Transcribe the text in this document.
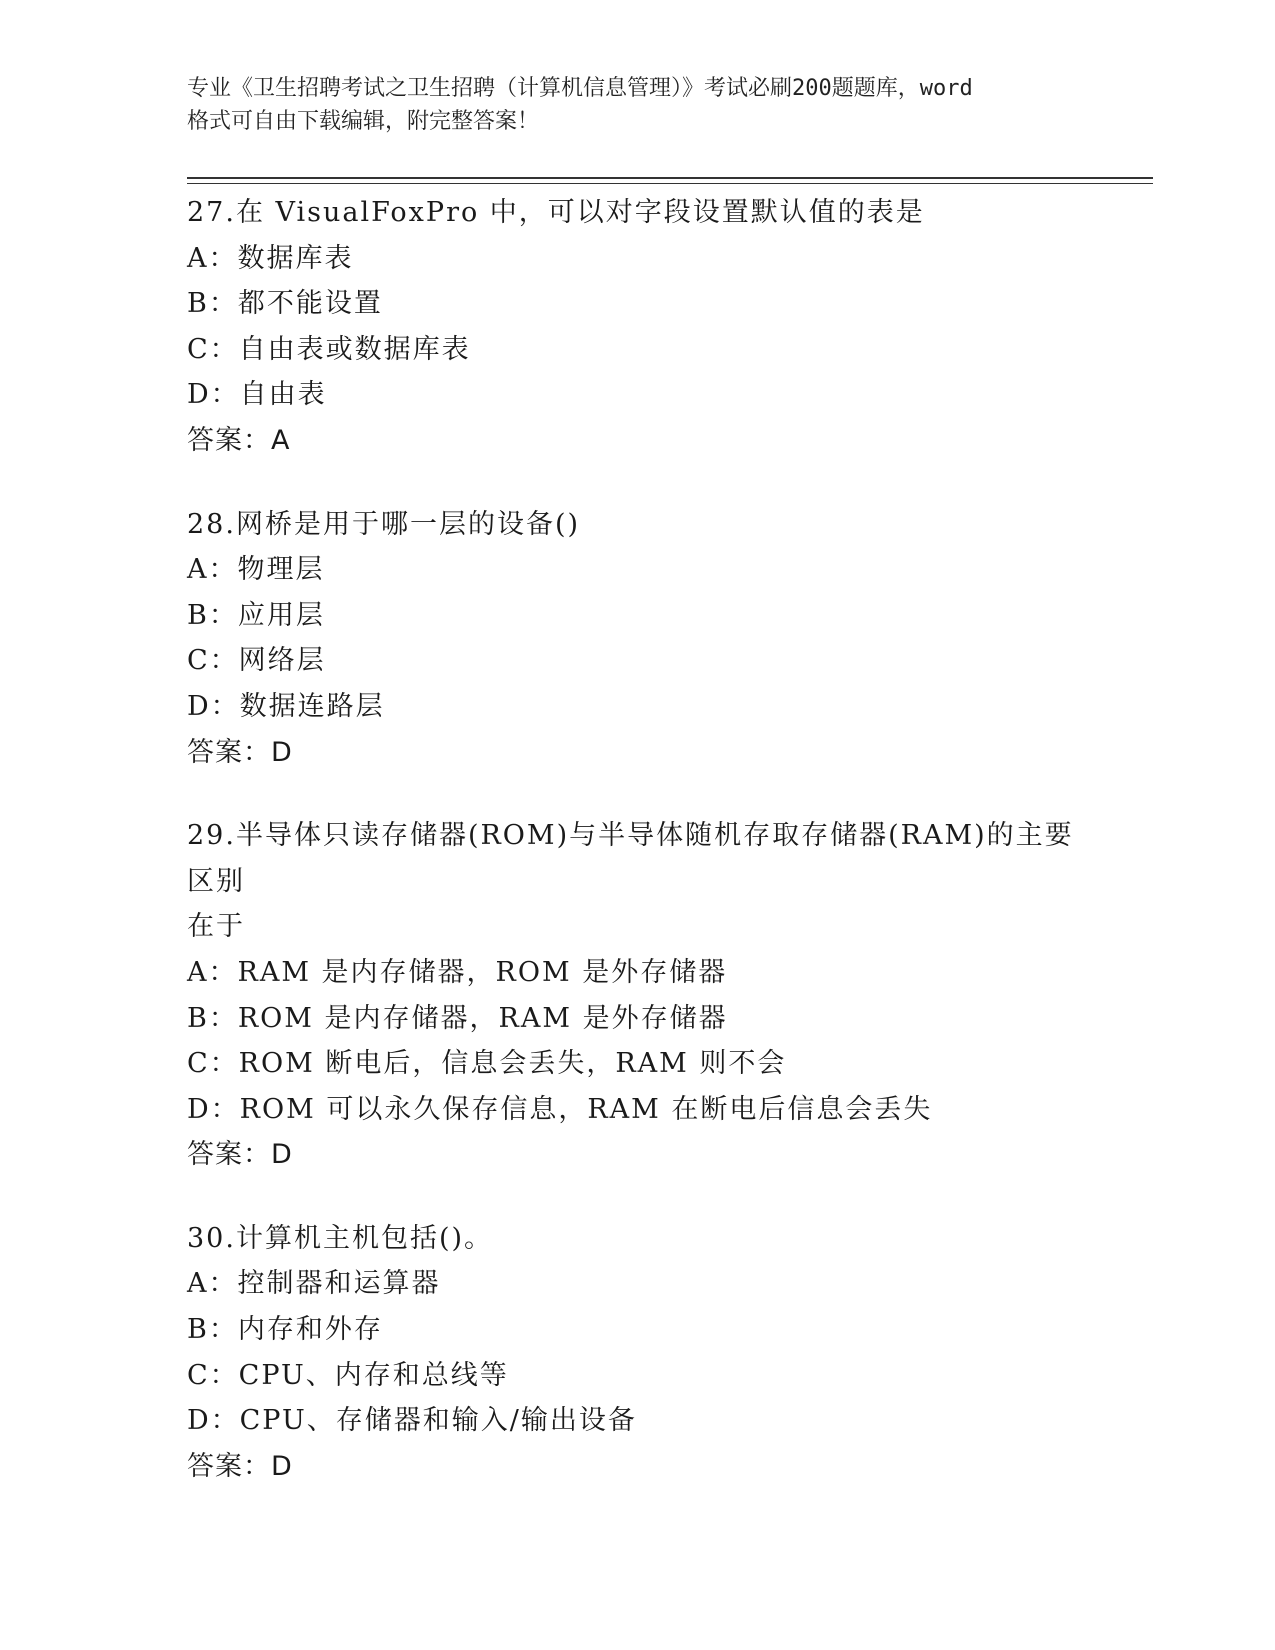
专业《卫生招聘考试之卫生招聘（计算机信息管理）》考试必刷200题题库，word
格式可自由下载编辑，附完整答案！
27.在 VisualFoxPro 中，可以对字段设置默认值的表是
A：数据库表
B：都不能设置
C：自由表或数据库表
D：自由表
答案：A
28.网桥是用于哪一层的设备()
A：物理层
B：应用层
C：网络层
D：数据连路层
答案：D
29.半导体只读存储器(ROM)与半导体随机存取存储器(RAM)的主要区别
在于
A：RAM 是内存储器，ROM 是外存储器
B：ROM 是内存储器，RAM 是外存储器
C：ROM 断电后，信息会丢失，RAM 则不会
D：ROM 可以永久保存信息，RAM 在断电后信息会丢失
答案：D
30.计算机主机包括()。
A：控制器和运算器
B：内存和外存
C：CPU、内存和总线等
D：CPU、存储器和输入/输出设备
答案：D
